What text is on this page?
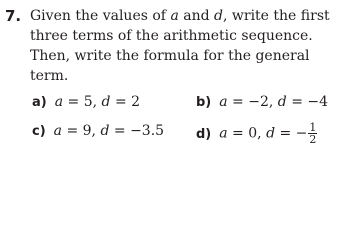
7. Given the values of a and d, write the first
three terms of the arithmetic sequence.
Then, write the formula for the general
term.
a) a = 5, d = 2	b) a = −2, d = −4
c) a = 9, d = −3.5 d) a = 0, d = − $\frac{1}{2}$
